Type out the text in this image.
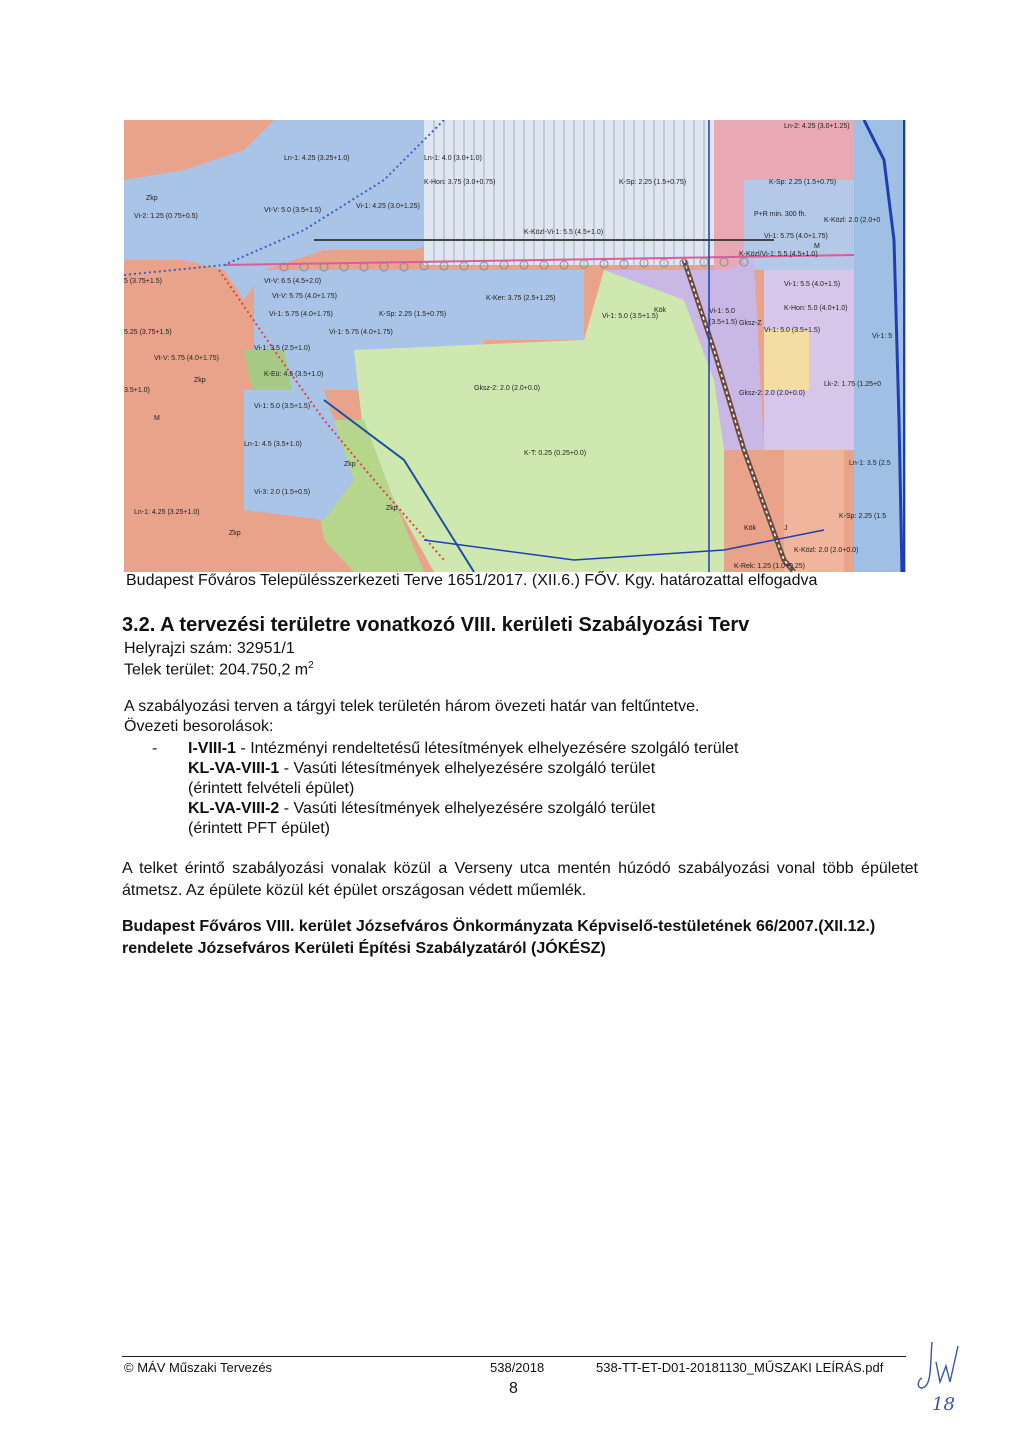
Ln-1: 4.25 (3.25+1.0)	Ln-1: 4.0 (3.0+1.0)
K-Hon: 3.75 (3.0+0.75)	K-Sp: 2.25 (1.5+0.75)	K-Sp: 2.25 (1.5+0.75)
Ln-2: 4.25 (3.0+1.25)
Zkp
Vi-2: 1.25 (0.75+0.5)
Vt-V: 5.0 (3.5+1.5)
Vi-1: 4.25 (3.0+1.25)
P+R min. 300 fh.
K-Közl: 2.0 (2.0+0
K-Közl-Vi-1: 5.5 (4.5+1.0)
Vi-1: 5.75 (4.0+1.75)
K-Közl/Vi-1: 5.5 (4.5+1.0)
M
5 (3.75+1.5)	Vt-V: 6.5 (4.5+2.0)
Vt-V: 5.75 (4.0+1.75)	K-Ker: 3.75 (2.5+1.25)
Kök	Vi-1: 5.0
(3.5+1.5)
Vi-1: 5.5 (4.0+1.5)
Vi-1: 5.75 (4.0+1.75)	K-Sp: 2.25 (1.5+0.75)	Vi-1: 5.0 (3.5+1.5)
Gksz-Z
K-Hon: 5.0 (4.0+1.0)
5.25 (3.75+1.5)	Vi-1: 5.75 (4.0+1.75)	Vi-1: 5.0 (3.5+1.5)
Vi-1: 5
Vt-V: 5.75 (4.0+1.75)
Vi-1: 3.5 (2.5+1.0)
Zkp
K-Eü: 4.5 (3.5+1.0)
3.5+1.0)	Gksz-2: 2.0 (2.0+0.0)
Gksz-2: 2.0 (2.0+0.0)
Lk-2: 1.75 (1.25+0
M
Vi-1: 5.0 (3.5+1.5)
Ln-1: 4.5 (3.5+1.0)
K-T: 0.25 (0.25+0.0)
Ln-1: 3.5 (2.5
Zkp
Vi-3: 2.0 (1.5+0.5)
Zkp
Ln-1: 4.25 (3.25+1.0)
Zkp
K-Sp: 2.25 (1.5
Kök	J
K-Közl: 2.0 (2.0+0.0)
K-Rek: 1.25 (1.0+0.25)
Budapest Főváros Településszerkezeti Terve 1651/2017. (XII.6.) FŐV. Kgy. határozattal elfogadva
3.2. A tervezési területre vonatkozó VIII. kerületi Szabályozási Terv
Helyrajzi szám: 32951/1
Telek terület: 204.750,2 $m^2$
A szabályozási terven a tárgyi telek területén három övezeti határ van feltűntetve.
Övezeti besorolások:
- I-VIII-1 - Intézményi rendeltetésű létesítmények elhelyezésére szolgáló terület
KL-VA-VIII-1 - Vasúti létesítmények elhelyezésére szolgáló terület
(érintett felvételi épület)
KL-VA-VIII-2 - Vasúti létesítmények elhelyezésére szolgáló terület
(érintett PFT épület)
A telket érintő szabályozási vonalak közül a Verseny utca mentén húzódó szabályozási vonal több épületet átmetsz. Az épülete közül két épület országosan védett műemlék.
Budapest Főváros VIII. kerület Józsefváros Önkormányzata Képviselő-testületének 66/2007.(XII.12.) rendelete Józsefváros Kerületi Építési Szabályzatáról (JÓKÉSZ)
© MÁV Műszaki Tervezés	538/2018	538-TT-ET-D01-20181130_MŰSZAKI LEÍRÁS.pdf
8
18
